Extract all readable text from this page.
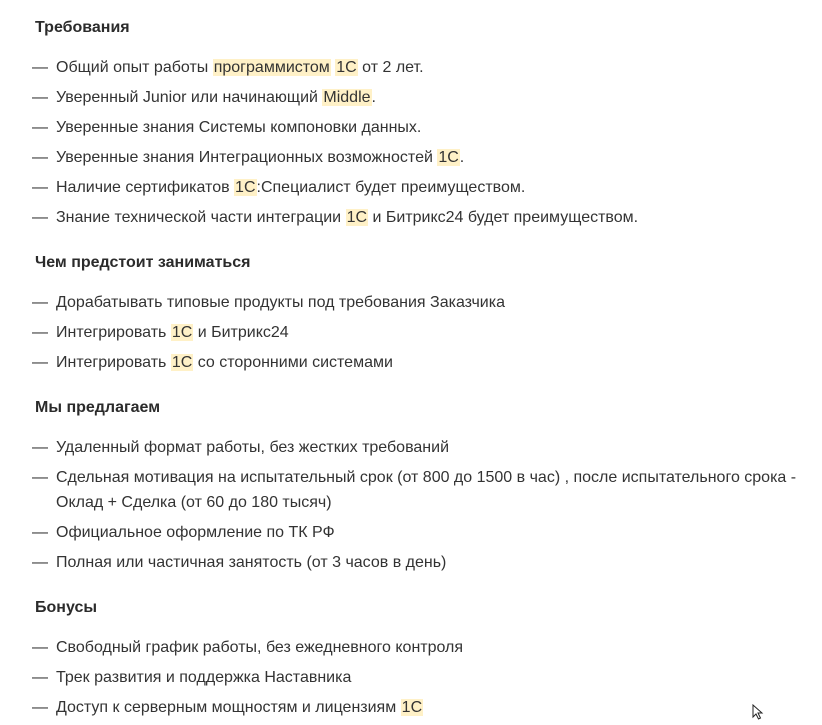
Требования
— Общий опыт работы программистом 1С от 2 лет.
— Уверенный Junior или начинающий Middle.
— Уверенные знания Системы компоновки данных.
— Уверенные знания Интеграционных возможностей 1С.
— Наличие сертификатов 1С:Специалист будет преимуществом.
— Знание технической части интеграции 1С и Битрикс24 будет преимуществом.
Чем предстоит заниматься
— Дорабатывать типовые продукты под требования Заказчика
— Интегрировать 1С и Битрикс24
— Интегрировать 1С со сторонними системами
Мы предлагаем
— Удаленный формат работы, без жестких требований
— Сдельная мотивация на испытательный срок (от 800 до 1500 в час) , после испытательного срока - Оклад + Сделка (от 60 до 180 тысяч)
— Официальное оформление по ТК РФ
— Полная или частичная занятость (от 3 часов в день)
Бонусы
— Свободный график работы, без ежедневного контроля
— Трек развития и поддержка Наставника
— Доступ к серверным мощностям и лицензиям 1С
